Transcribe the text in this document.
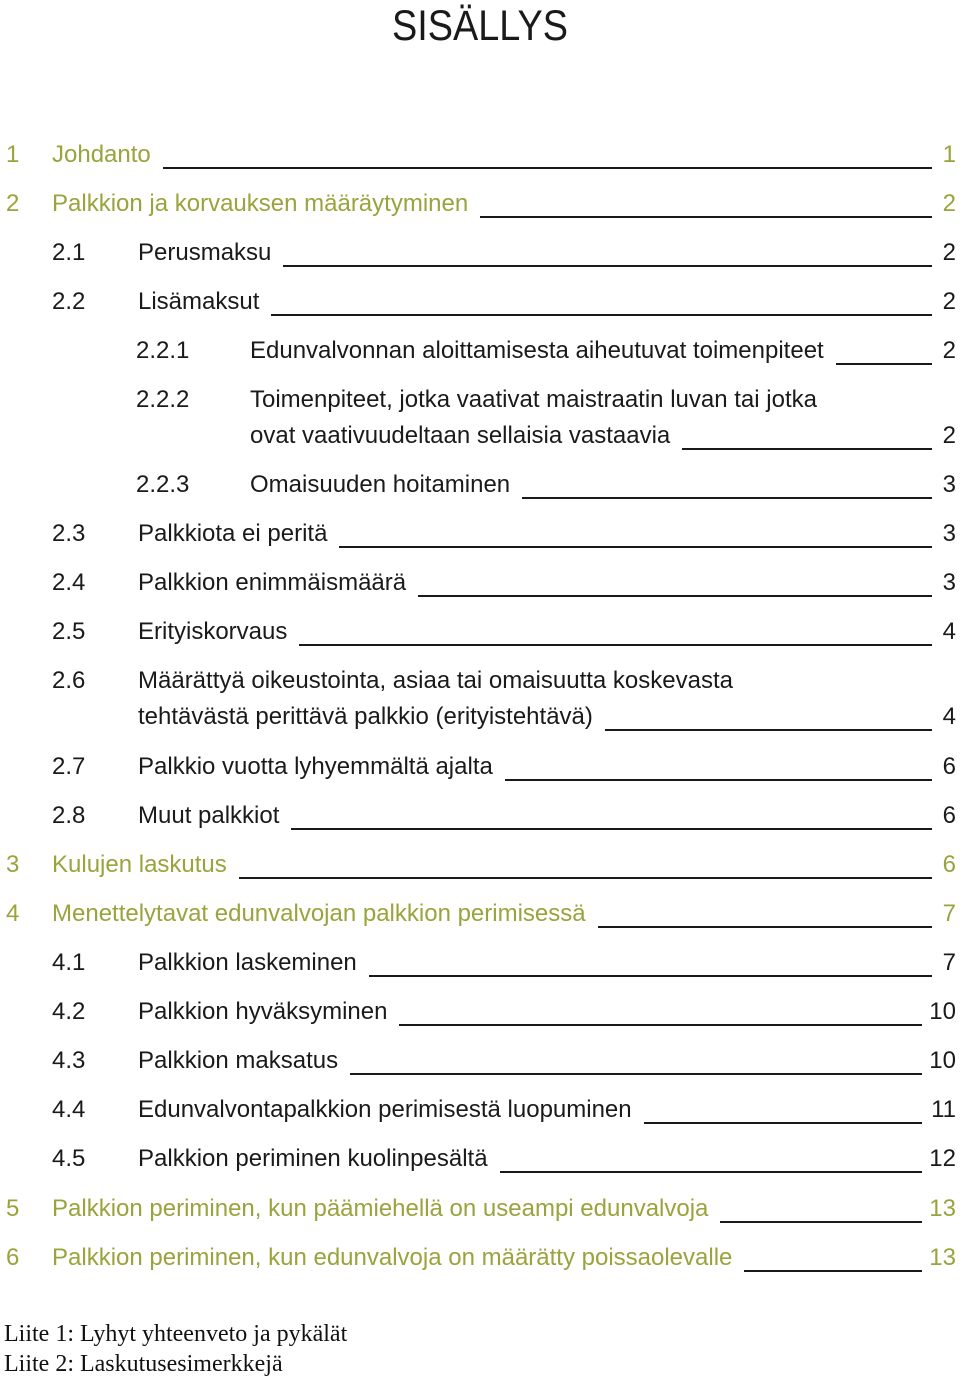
SISÄLLYS
1 Johdanto	1
2 Palkkion ja korvauksen määräytyminen	2
2.1 Perusmaksu	2
2.2 Lisämaksut	2
2.2.1	Edunvalvonnan aloittamisesta aiheutuvat toimenpiteet	2
2.2.2	Toimenpiteet, jotka vaativat maistraatin luvan tai jotka
ovat vaativuudeltaan sellaisia vastaavia	2
2.2.3	Omaisuuden hoitaminen	3
2.3 Palkkiota ei peritä	3
2.4 Palkkion enimmäismäärä	3
2.5 Erityiskorvaus	4
2.6 Määrättyä oikeustointa, asiaa tai omaisuutta koskevasta
tehtävästä perittävä palkkio (erityistehtävä)	4
2.7 Palkkio vuotta lyhyemmältä ajalta	6
2.8 Muut palkkiot	6
3 Kulujen laskutus	6
4 Menettelytavat edunvalvojan palkkion perimisessä	7
4.1 Palkkion laskeminen	7
4.2 Palkkion hyväksyminen	10
4.3 Palkkion maksatus	10
4.4 Edunvalvontapalkkion perimisestä luopuminen	11
4.5 Palkkion periminen kuolinpesältä	12
5 Palkkion periminen, kun päämiehellä on useampi edunvalvoja	13
6 Palkkion periminen, kun edunvalvoja on määrätty poissaolevalle	13
Liite 1: Lyhyt yhteenveto ja pykälät
Liite 2: Laskutusesimerkkejä
